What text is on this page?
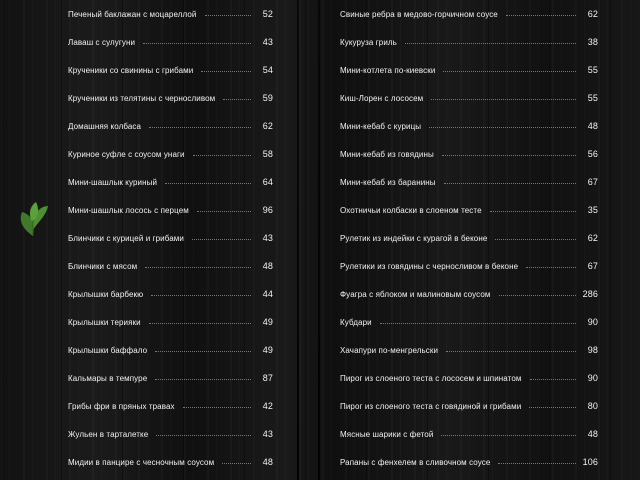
Печеный баклажан с моцареллой	52
Лаваш с сулугуни	43
Крученики со свинины с грибами	54
Крученики из телятины с черносливом	59
Домашняя колбаса	62
Куриное суфле с соусом унаги	58
Мини-шашлык куриный	64
Мини-шашлык лосось с перцем	96
Блинчики с курицей и грибами	43
Блинчики с мясом	48
Крылышки барбекю	44
Крылышки терияки	49
Крылышки баффало	49
Кальмары в темпуре	87
Грибы фри в пряных травах	42
Жульен в тарталетке	43
Мидии в панцире с чесночным соусом	48
Свиные ребра в медово-горчичном соусе	62
Кукуруза гриль	38
Мини-котлета по-киевски	55
Киш-Лорен с лососем	55
Мини-кебаб с курицы	48
Мини-кебаб из говядины	56
Мини-кебаб из баранины	67
Охотничьи колбаски в слоеном тесте	35
Рулетик из индейки с курагой в беконе	62
Рулетики из говядины с черносливом в беконе	67
Фуагра с яблоком и малиновым соусом	286
Кубдари	90
Хачапури по-менгрельски	98
Пирог из слоеного теста с лососем и шпинатом	90
Пирог из слоеного теста с говядиной и грибами	80
Мясные шарики с фетой	48
Рапаны с фенхелем в сливочном соусе	106
